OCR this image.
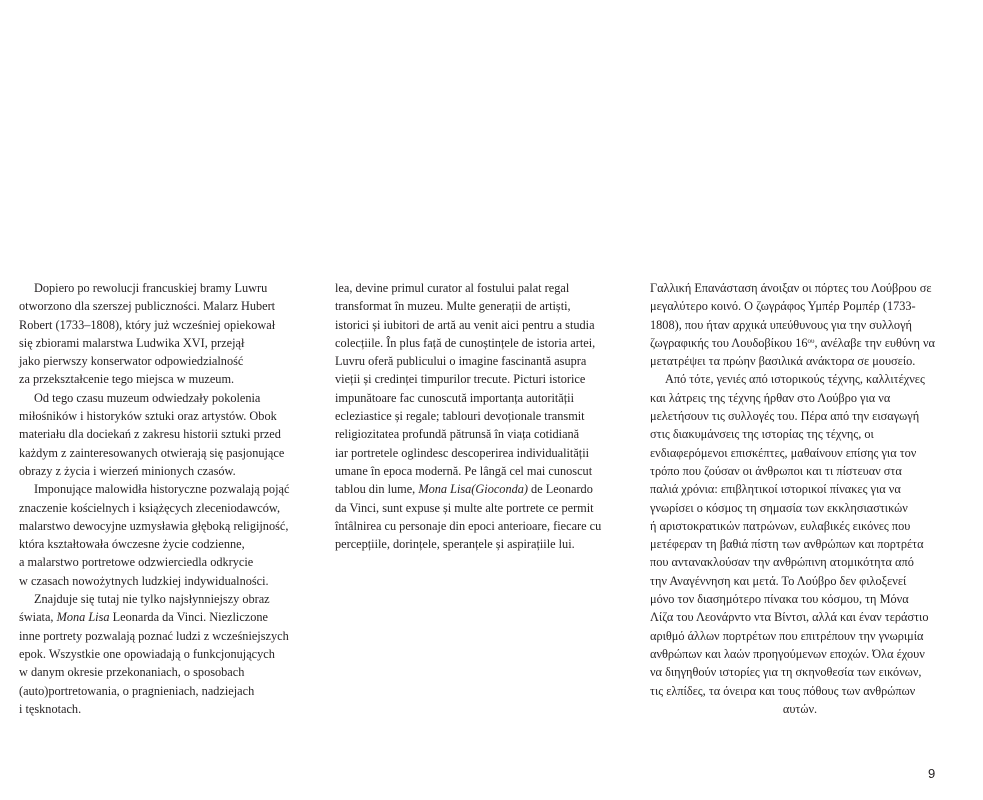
Dopiero po rewolucji francuskiej bramy Luwru
otworzono dla szerszej publiczności. Malarz Hubert
Robert (1733–1808), który już wcześniej opiekował
się zbiorami malarstwa Ludwika XVI, przejął
jako pierwszy konserwator odpowiedzialność
za przekształcenie tego miejsca w muzeum.

Od tego czasu muzeum odwiedzały pokolenia
miłośników i historyków sztuki oraz artystów. Obok
materiału dla dociekań z zakresu historii sztuki przed
każdym z zainteresowanych otwierają się pasjonujące
obrazy z życia i wierzeń minionych czasów.

Imponujące malowidła historyczne pozwalają pojąć
znaczenie kościelnych i książęcych zleceniodawców,
malarstwo dewocyjne uzmysławia głęboką religijność,
która kształtowała ówczesne życie codzienne,
a malarstwo portretowe odzwierciedla odkrycie
w czasach nowożytnych ludzkiej indywidualności.

Znajduje się tutaj nie tylko najsłynniejszy obraz
świata, Mona Lisa Leonarda da Vinci. Niezliczone
inne portrety pozwalają poznać ludzi z wcześniejszych
epok. Wszystkie one opowiadają o funkcjonujących
w danym okresie przekonaniach, o sposobach
(auto)portretowania, o pragnieniach, nadziejach
i tęsknotach.

lea, devine primul curator al fostului palat regal
transformat în muzeu. Multe generații de artiști,
istorici și iubitori de artă au venit aici pentru a studia
colecțiile. În plus față de cunoștințele de istoria artei,
Luvru oferă publicului o imagine fascinantă asupra
vieții și credinței timpurilor trecute. Picturi istorice
impunătoare fac cunoscută importanța autorității
ecleziastice și regale; tablouri devoționale transmit
religiozitatea profundă pătrunsă în viața cotidiană
iar portretele oglindesc descoperirea individualității
umane în epoca modernă. Pe lângă cel mai cunoscut
tablou din lume, Mona Lisa(Gioconda) de Leonardo
da Vinci, sunt expuse și multe alte portrete ce permit
întâlnirea cu personaje din epoci anterioare, fiecare cu
percepțiile, dorințele, speranțele și aspirațiile lui.

Γαλλική Επανάσταση άνοιξαν οι πόρτες του Λούβρου σε
μεγαλύτερο κοινό. Ο ζωγράφος Υμπέρ Ρομπέρ (1733-
1808), που ήταν αρχικά υπεύθυνους για την συλλογή
ζωγραφικής του Λουδοβίκου $16^{o\upsilon}$, ανέλαβε την ευθύνη να
μετατρέψει τα πρώην βασιλικά ανάκτορα σε μουσείο.

Από τότε, γενιές από ιστορικούς τέχνης, καλλιτέχνες
και λάτρεις της τέχνης ήρθαν στο Λούβρο για να
μελετήσουν τις συλλογές του. Πέρα από την εισαγωγή
στις διακυμάνσεις της ιστορίας της τέχνης, οι
ενδιαφερόμενοι επισκέπτες, μαθαίνουν επίσης για τον
τρόπο που ζούσαν οι άνθρωποι και τι πίστευαν στα
παλιά χρόνια: επιβλητικοί ιστορικοί πίνακες για να
γνωρίσει ο κόσμος τη σημασία των εκκλησιαστικών
ή αριστοκρατικών πατρώνων, ευλαβικές εικόνες που
μετέφεραν τη βαθιά πίστη των ανθρώπων και πορτρέτα
που αντανακλούσαν την ανθρώπινη ατομικότητα από
την Αναγέννηση και μετά. Το Λούβρο δεν φιλοξενεί
μόνο τον διασημότερο πίνακα του κόσμου, τη Μόνα
Λίζα του Λεονάρντο ντα Βίντσι, αλλά και έναν τεράστιο
αριθμό άλλων πορτρέτων που επιτρέπουν την γνωριμία
ανθρώπων και λαών προηγούμενων εποχών. Όλα έχουν
να διηγηθούν ιστορίες για τη σκηνοθεσία των εικόνων,
τις ελπίδες, τα όνειρα και τους πόθους των ανθρώπων
αυτών.

9
